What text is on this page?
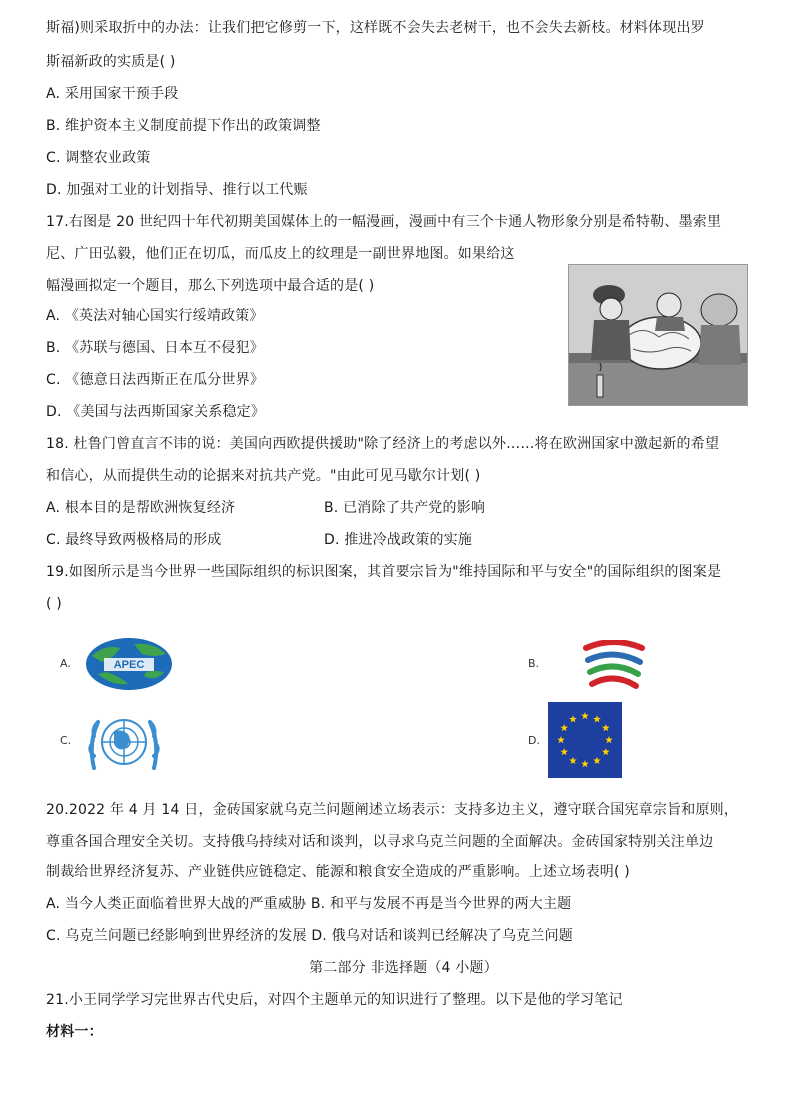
斯福)则采取折中的办法：让我们把它修剪一下，这样既不会失去老树干，也不会失去新枝。材料体现出罗
斯福新政的实质是( )
A. 采用国家干预手段
B. 维护资本主义制度前提下作出的政策调整
C. 调整农业政策
D. 加强对工业的计划指导、推行以工代赈
17.右图是 20 世纪四十年代初期美国媒体上的一幅漫画，漫画中有三个卡通人物形象分别是希特勒、墨索里
尼、广田弘毅，他们正在切瓜，而瓜皮上的纹理是一副世界地图。如果给这
幅漫画拟定一个题目，那么下列选项中最合适的是( )
A. 《英法对轴心国实行绥靖政策》
B. 《苏联与德国、日本互不侵犯》
C. 《德意日法西斯正在瓜分世界》
D. 《美国与法西斯国家关系稳定》
18. 杜鲁门曾直言不讳的说：美国向西欧提供援助"除了经济上的考虑以外……将在欧洲国家中激起新的希望
和信心，从而提供生动的论据来对抗共产党。"由此可见马歇尔计划( )
A. 根本目的是帮欧洲恢复经济	B. 已消除了共产党的影响
C. 最终导致两极格局的形成	D. 推进冷战政策的实施
19.如图所示是当今世界一些国际组织的标识图案，其首要宗旨为"维持国际和平与安全"的国际组织的图案是
( )
A.	APEC	B.
C.	D.
20.2022 年 4 月 14 日，金砖国家就乌克兰问题阐述立场表示：支持多边主义，遵守联合国宪章宗旨和原则，
尊重各国合理安全关切。支持俄乌持续对话和谈判，以寻求乌克兰问题的全面解决。金砖国家特别关注单边
制裁给世界经济复苏、产业链供应链稳定、能源和粮食安全造成的严重影响。上述立场表明( )
A. 当今人类正面临着世界大战的严重威胁 B. 和平与发展不再是当今世界的两大主题
C. 乌克兰问题已经影响到世界经济的发展 D. 俄乌对话和谈判已经解决了乌克兰问题
第二部分 非选择题（4 小题）
21.小王同学学习完世界古代史后，对四个主题单元的知识进行了整理。以下是他的学习笔记
材料一：
